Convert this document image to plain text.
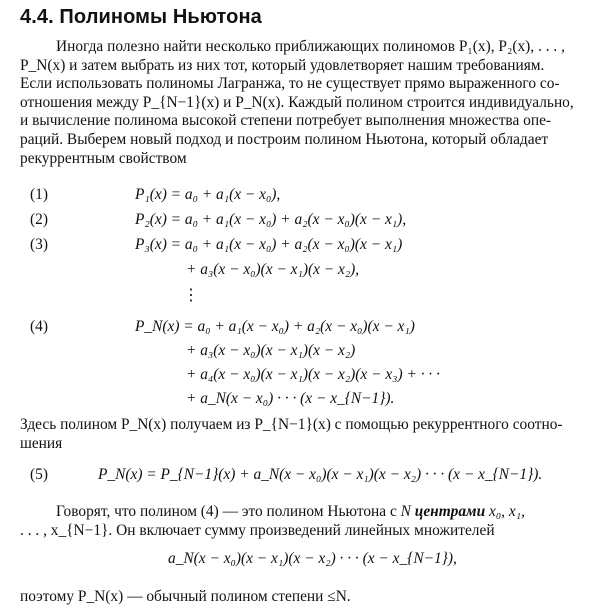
4.4. Полиномы Ньютона
Иногда полезно найти несколько приближающих полиномов P₁(x), P₂(x), . . . ,
P_N(x) и затем выбрать из них тот, который удовлетворяет нашим требованиям.
Если использовать полиномы Лагранжа, то не существует прямо выраженного со-
отношения между P_{N−1}(x) и P_N(x). Каждый полином строится индивидуально,
и вычисление полинома высокой степени потребует выполнения множества опе-
раций. Выберем новый подход и построим полином Ньютона, который обладает
рекуррентным свойством
(1)	P₁(x) = a₀ + a₁(x − x₀),
(2)	P₂(x) = a₀ + a₁(x − x₀) + a₂(x − x₀)(x − x₁),
(3)	P₃(x) = a₀ + a₁(x − x₀) + a₂(x − x₀)(x − x₁)
+ a₃(x − x₀)(x − x₁)(x − x₂),
⋮
(4)	P_N(x) = a₀ + a₁(x − x₀) + a₂(x − x₀)(x − x₁)
+ a₃(x − x₀)(x − x₁)(x − x₂)
+ a₄(x − x₀)(x − x₁)(x − x₂)(x − x₃) + · · ·
+ a_N(x − x₀) · · · (x − x_{N−1}).
Здесь полином P_N(x) получаем из P_{N−1}(x) с помощью рекуррентного соотно-
шения
(5)	P_N(x) = P_{N−1}(x) + a_N(x − x₀)(x − x₁)(x − x₂) · · · (x − x_{N−1}).
Говорят, что полином (4) — это полином Ньютона с N центрами x₀, x₁,
. . . , x_{N−1}. Он включает сумму произведений линейных множителей
a_N(x − x₀)(x − x₁)(x − x₂) · · · (x − x_{N−1}),
поэтому P_N(x) — обычный полином степени ≤N.
